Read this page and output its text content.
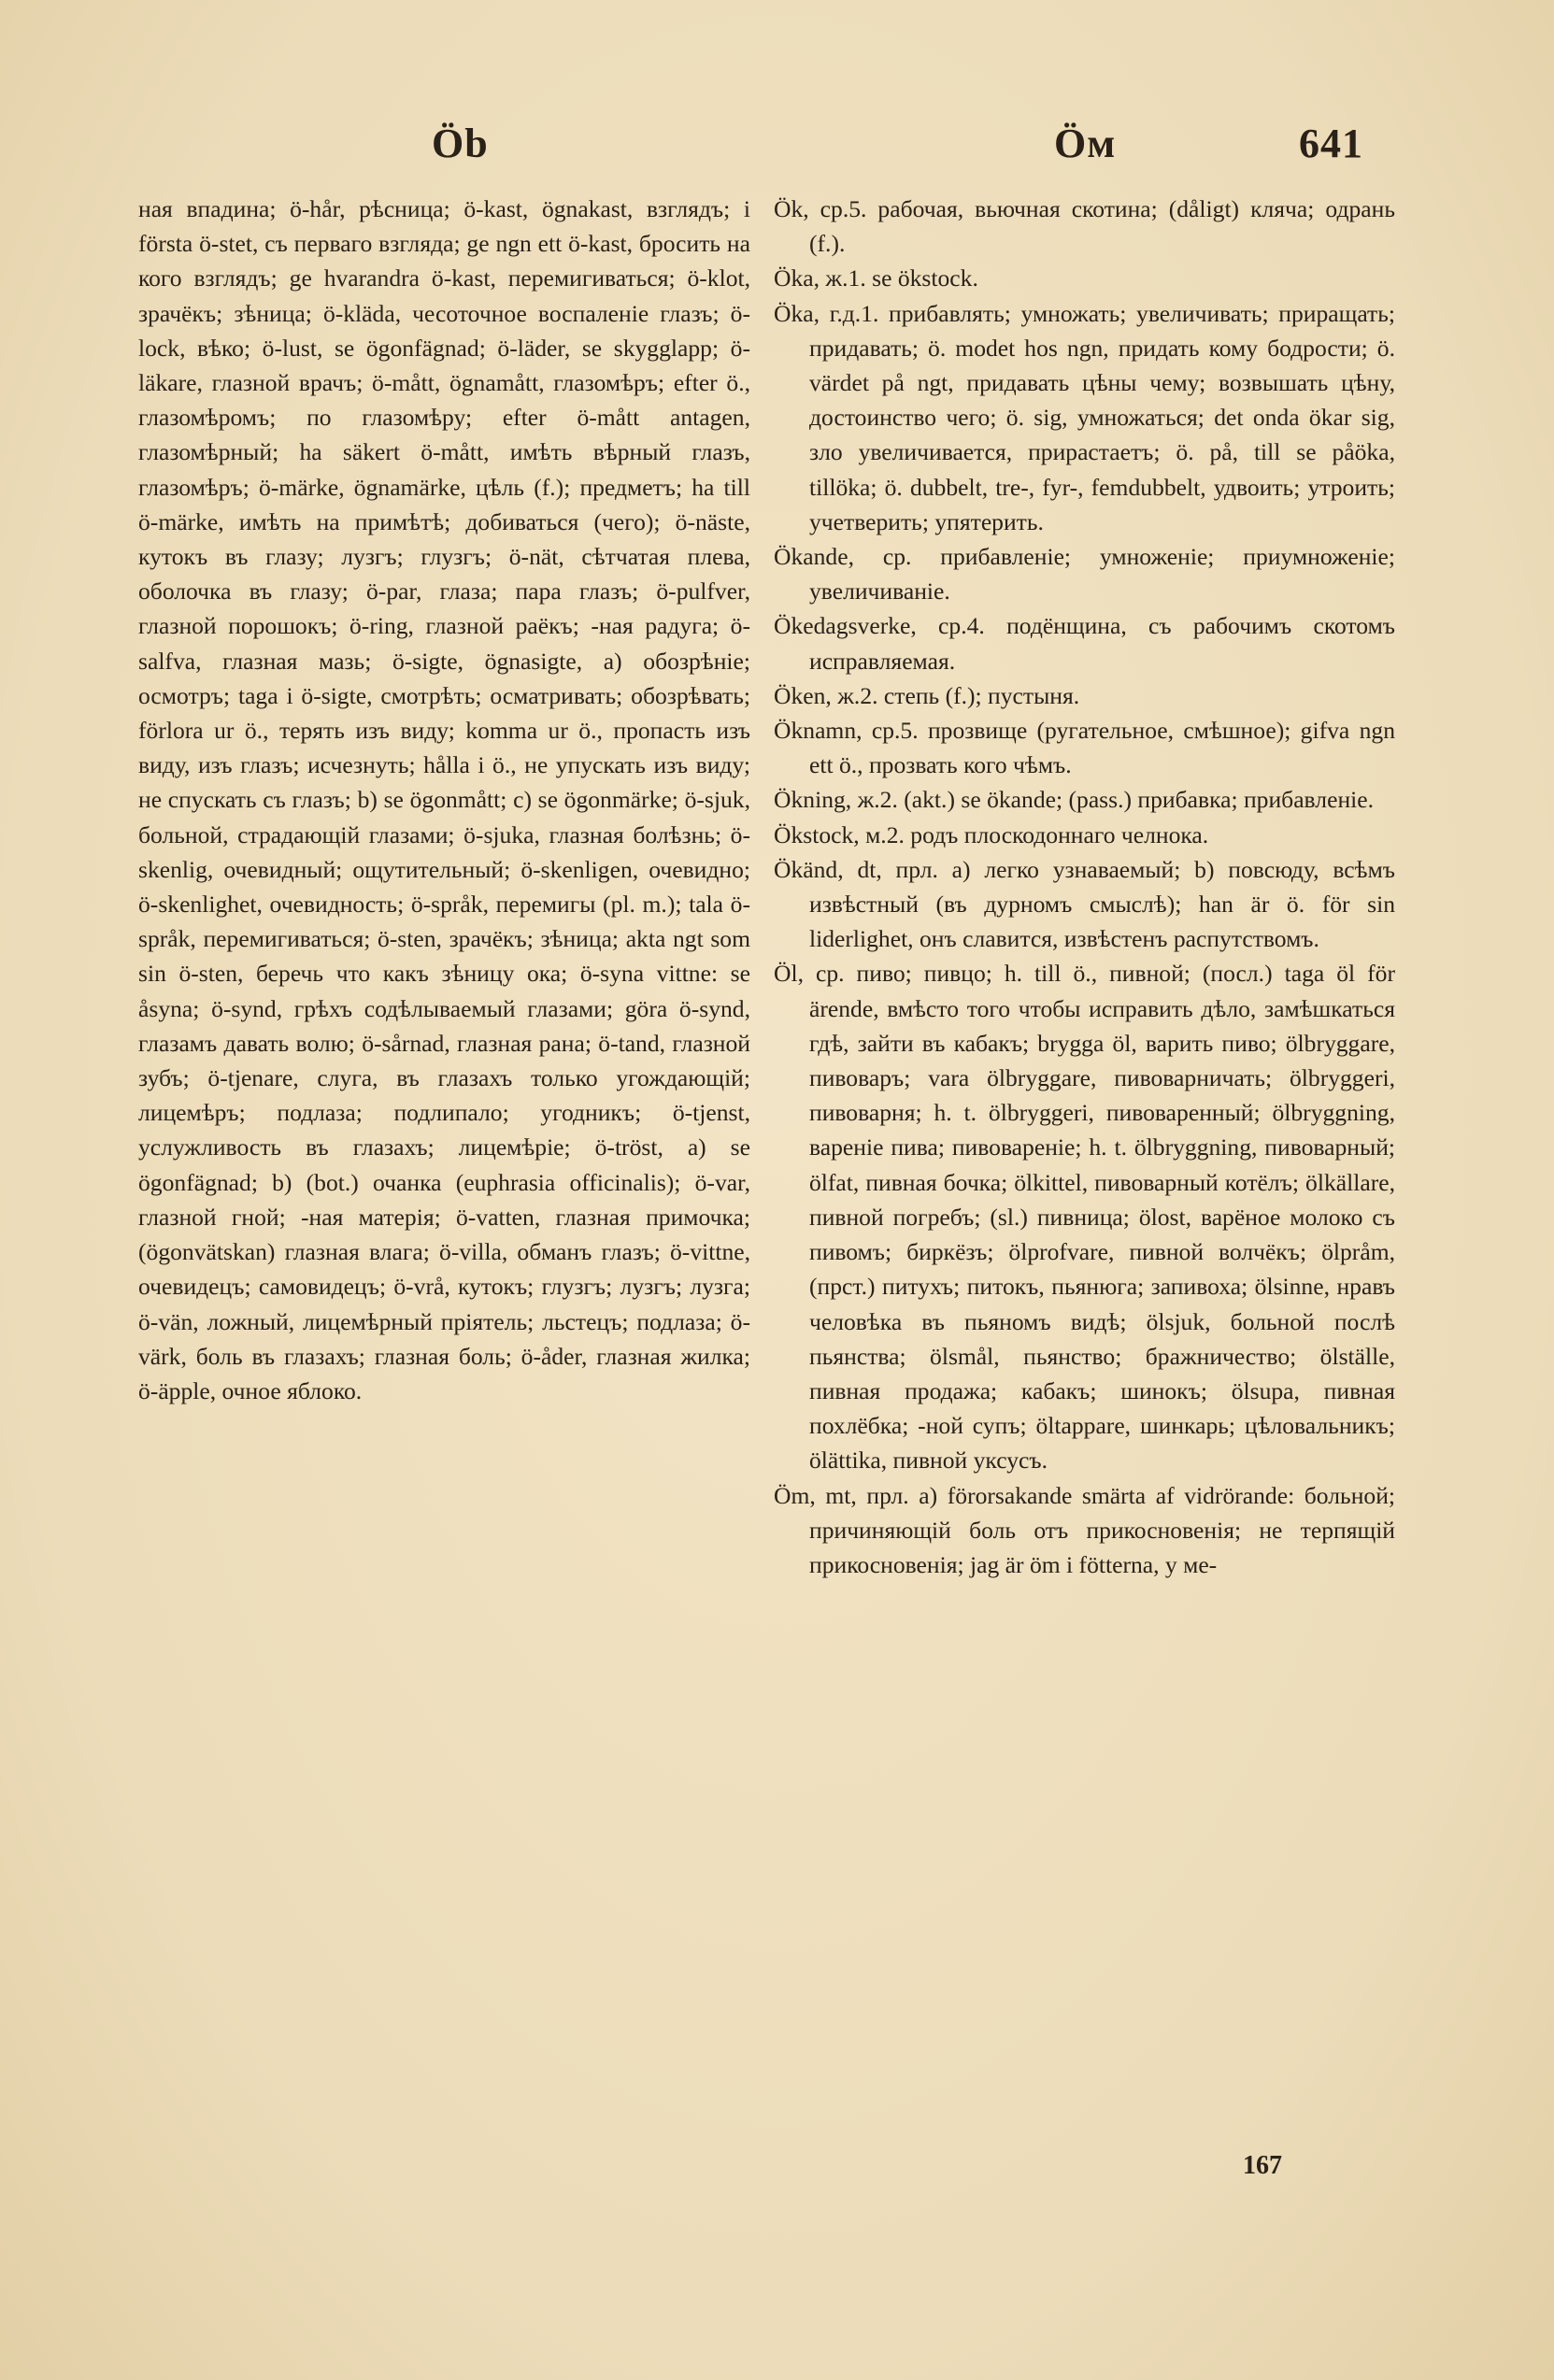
Öb	Öм	641

ная впадина; ö-hår, рѣсница; ö-kast, ögnakast, взглядъ; i första ö-stet, съ перваго взгляда; ge ngn ett ö-kast, бросить на кого взглядъ; ge hvarandra ö-kast, перемигиваться; ö-klot, зрачёкъ; зѣница; ö-kläda, чесоточное воспаленіе глазъ; ö-lock, вѣко; ö-lust, se ögonfägnad; ö-läder, se skygglapp; ö-läkare, глазной врачъ; ö-mått, ögnamått, глазомѣръ; efter ö., глазомѣромъ; по глазомѣру; efter ö-mått antagen, глазомѣрный; ha säkert ö-mått, имѣть вѣрный глазъ, глазомѣръ; ö-märke, ögnamärke, цѣль (f.); предметъ; ha till ö-märke, имѣть на примѣтѣ; добиваться (чего); ö-näste, кутокъ въ глазу; лузгъ; глузгъ; ö-nät, сѣтчатая плева, оболочка въ глазу; ö-par, глаза; пара глазъ; ö-pulfver, глазной порошокъ; ö-ring, глазной раёкъ; -ная радуга; ö-salfva, глазная мазь; ö-sigte, ögnasigte, a) обозрѣніе; осмотръ; taga i ö-sigte, смотрѣть; осматривать; обозрѣвать; förlora ur ö., терять изъ виду; komma ur ö., пропасть изъ виду, изъ глазъ; исчезнуть; hålla i ö., не упускать изъ виду; не спускать съ глазъ; b) se ögonmått; c) se ögonmärke; ö-sjuk, больной, страдающій глазами; ö-sjuka, глазная болѣзнь; ö-skenlig, очевидный; ощутительный; ö-skenligen, очевидно; ö-skenlighet, очевидность; ö-språk, перемигы (pl. m.); tala ö-språk, перемигиваться; ö-sten, зрачёкъ; зѣница; akta ngt som sin ö-sten, беречь что какъ зѣницу ока; ö-syna vittne: se åsyna; ö-synd, грѣхъ содѣлываемый глазами; göra ö-synd, глазамъ давать волю; ö-sårnad, глазная рана; ö-tand, глазной зубъ; ö-tjenare, слуга, въ глазахъ только угождающій; лицемѣръ; подлаза; подлипало; угодникъ; ö-tjenst, услужливость въ глазахъ; лицемѣріе; ö-tröst, a) se ögonfägnad; b) (bot.) очанка (euphrasia officinalis); ö-var, глазной гной; -ная матерія; ö-vatten, глазная примочка; (ögonvätskan) глазная влага; ö-villa, обманъ глазъ; ö-vittne, очевидецъ; самовидецъ; ö-vrå, кутокъ; глузгъ; лузгъ; лузга; ö-vän, ложный, лицемѣрный пріятель; льстецъ; подлаза; ö-värk, боль въ глазахъ; глазная боль; ö-åder, глазная жилка; ö-äpple, очное яблоко.

Ök, ср.5. рабочая, вьючная скотина; (dåligt) кляча; одрань (f.).

Öka, ж.1. se ökstock.

Öka, г.д.1. прибавлять; умножать; увеличивать; приращать; придавать; ö. modet hos ngn, придать кому бодрости; ö. värdet på ngt, придавать цѣны чему; возвышать цѣну, достоинство чего; ö. sig, умножаться; det onda ökar sig, зло увеличивается, прирастаетъ; ö. på, till se påöka, tillöka; ö. dubbelt, tre-, fyr-, femdubbelt, удвоить; утроить; учетверить; упятерить.

Ökande, ср. прибавленіе; умноженіе; приумноженіе; увеличиваніе.

Ökedagsverke, ср.4. подёнщина, съ рабочимъ скотомъ исправляемая.

Öken, ж.2. степь (f.); пустыня.

Öknamn, ср.5. прозвище (ругательное, смѣшное); gifva ngn ett ö., прозвать кого чѣмъ.

Ökning, ж.2. (akt.) se ökande; (pass.) прибавка; прибавленіе.

Ökstock, м.2. родъ плоскодоннаго челнока.

Ökänd, dt, прл. a) легко узнаваемый; b) повсюду, всѣмъ извѣстный (въ дурномъ смыслѣ); han är ö. för sin liderlighet, онъ славится, извѣстенъ распутствомъ.

Öl, ср. пиво; пивцо; h. till ö., пивной; (посл.) taga öl för ärende, вмѣсто того чтобы исправить дѣло, замѣшкаться гдѣ, зайти въ кабакъ; brygga öl, варить пиво; ölbryggare, пивоваръ; vara ölbryggare, пивоварничать; ölbryggeri, пивоварня; h. t. ölbryggeri, пивоваренный; ölbryggning, вареніе пива; пивовареніе; h. t. ölbryggning, пивоварный; ölfat, пивная бочка; ölkittel, пивоварный котёлъ; ölkällare, пивной погребъ; (sl.) пивница; ölost, варёное молоко съ пивомъ; биркёзъ; ölprofvare, пивной волчёкъ; ölpråm, (прст.) питухъ; питокъ, пьянюга; запивоха; ölsinne, нравъ человѣка въ пьяномъ видѣ; ölsjuk, больной послѣ пьянства; ölsmål, пьянство; бражничество; ölställe, пивная продажа; кабакъ; шинокъ; ölsupa, пивная похлёбка; -ной супъ; öltappare, шинкарь; цѣловальникъ; ölättika, пивной уксусъ.

Öm, mt, прл. a) förorsakande smärta af vidrörande: больной; причиняющій боль отъ прикосновенія; не терпящій прикосновенія; jag är öm i fötterna, у ме-

167
